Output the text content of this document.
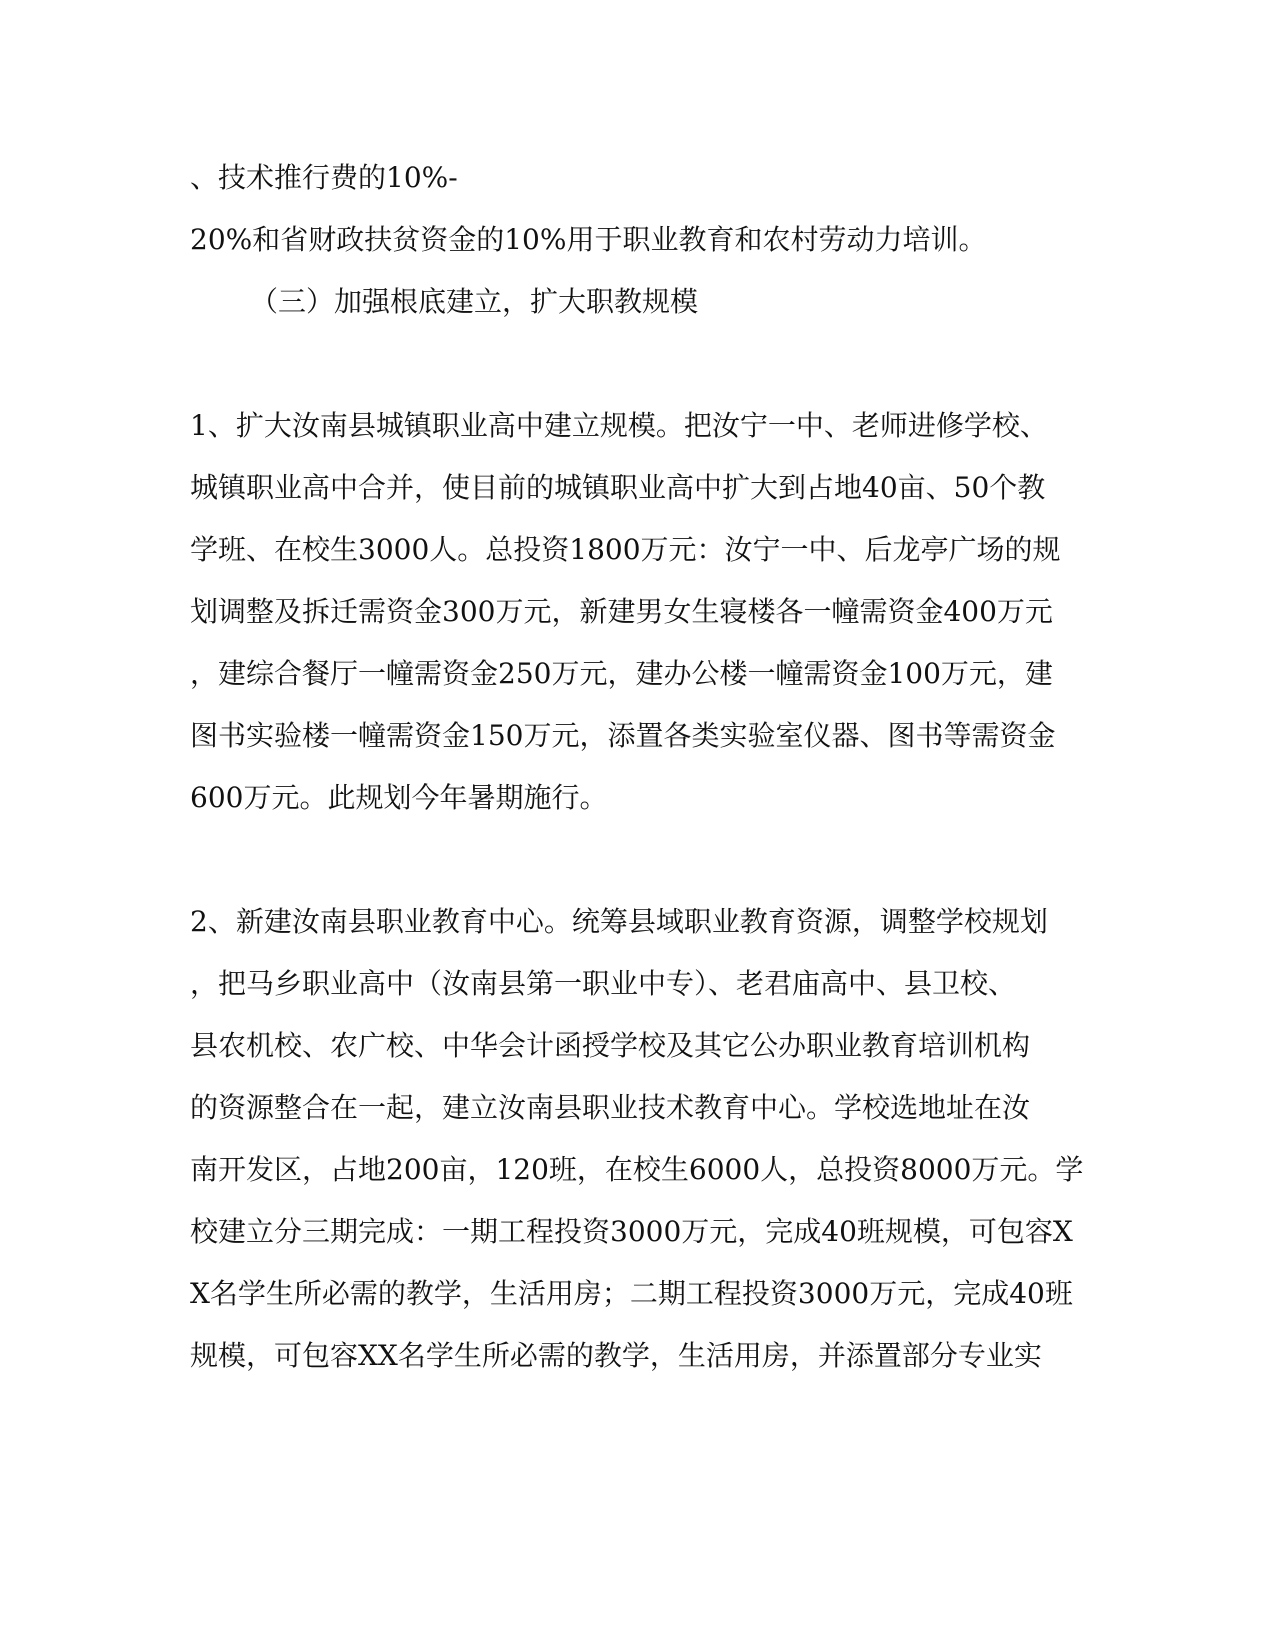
、技术推行费的10%-
20%和省财政扶贫资金的10%用于职业教育和农村劳动力培训。
（三）加强根底建立，扩大职教规模
1、扩大汝南县城镇职业高中建立规模。把汝宁一中、老师进修学校、
城镇职业高中合并，使目前的城镇职业高中扩大到占地40亩、50个教
学班、在校生3000人。总投资1800万元：汝宁一中、后龙亭广场的规
划调整及拆迁需资金300万元，新建男女生寝楼各一幢需资金400万元
，建综合餐厅一幢需资金250万元，建办公楼一幢需资金100万元，建
图书实验楼一幢需资金150万元，添置各类实验室仪器、图书等需资金
600万元。此规划今年暑期施行。
2、新建汝南县职业教育中心。统筹县域职业教育资源，调整学校规划
，把马乡职业高中（汝南县第一职业中专）、老君庙高中、县卫校、
县农机校、农广校、中华会计函授学校及其它公办职业教育培训机构
的资源整合在一起，建立汝南县职业技术教育中心。学校选地址在汝
南开发区，占地200亩，120班，在校生6000人，总投资8000万元。学
校建立分三期完成：一期工程投资3000万元，完成40班规模，可包容X
X名学生所必需的教学，生活用房；二期工程投资3000万元，完成40班
规模，可包容XX名学生所必需的教学，生活用房，并添置部分专业实
